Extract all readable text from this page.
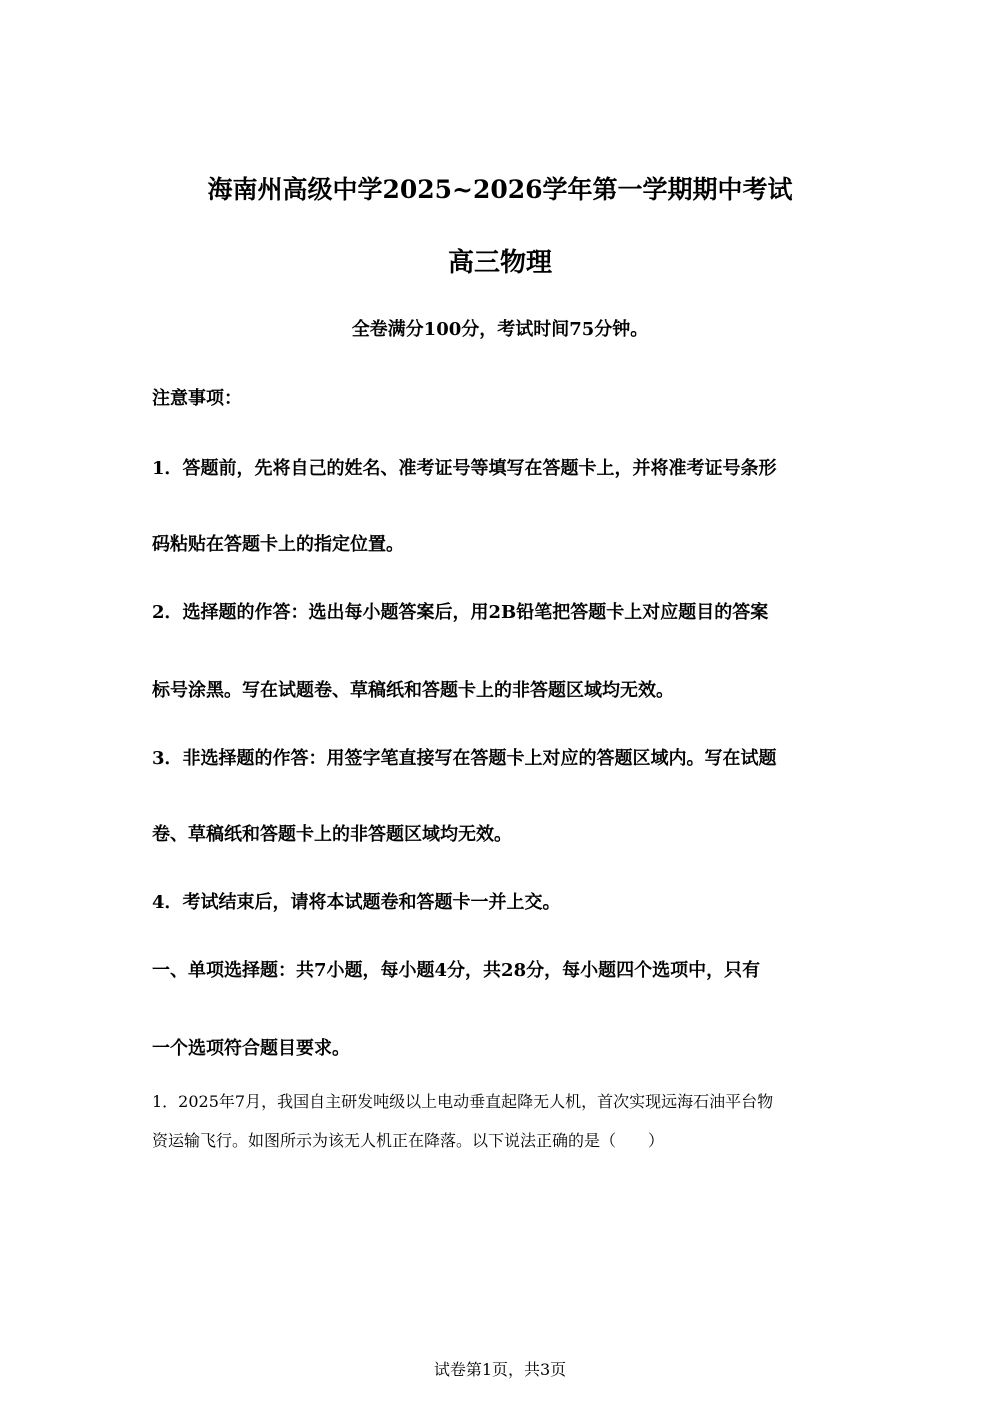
海南州高级中学2025~2026学年第一学期期中考试
高三物理
全卷满分100分，考试时间75分钟。
注意事项：
1．答题前，先将自己的姓名、准考证号等填写在答题卡上，并将准考证号条形
码粘贴在答题卡上的指定位置。
2．选择题的作答：选出每小题答案后，用2B铅笔把答题卡上对应题目的答案
标号涂黑。写在试题卷、草稿纸和答题卡上的非答题区域均无效。
3．非选择题的作答：用签字笔直接写在答题卡上对应的答题区域内。写在试题
卷、草稿纸和答题卡上的非答题区域均无效。
4．考试结束后，请将本试题卷和答题卡一并上交。
一、单项选择题：共7小题，每小题4分，共28分，每小题四个选项中，只有
一个选项符合题目要求。
1．2025年7月，我国自主研发吨级以上电动垂直起降无人机，首次实现远海石油平台物
资运输飞行。如图所示为该无人机正在降落。以下说法正确的是（　　）
试卷第1页，共3页
